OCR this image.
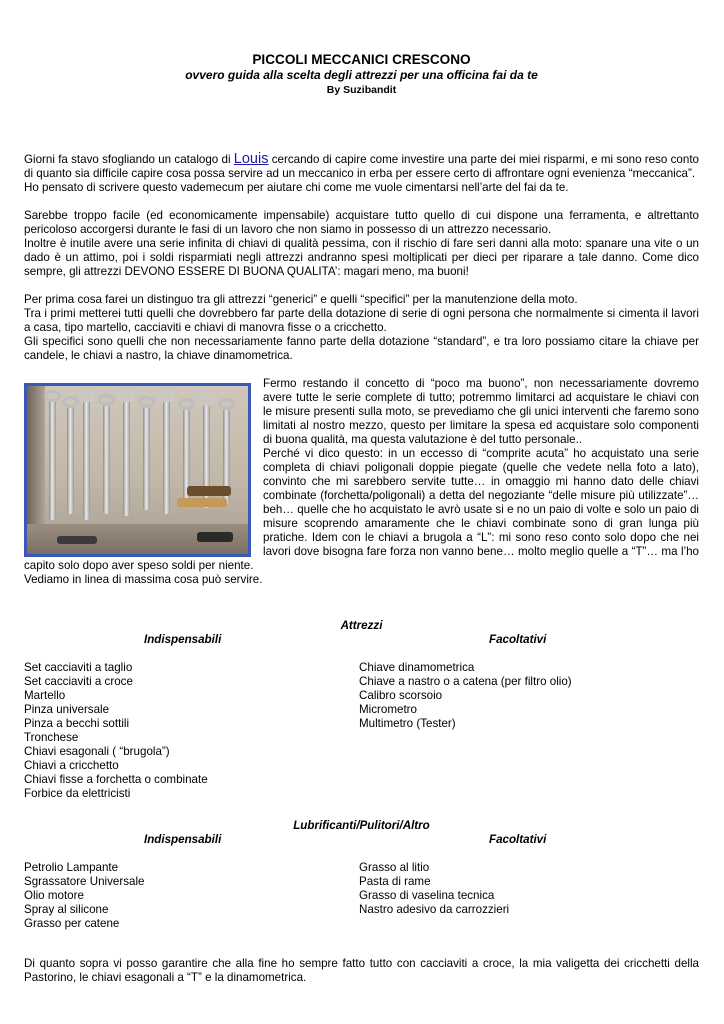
PICCOLI MECCANICI CRESCONO
ovvero guida alla scelta degli attrezzi per una officina fai da te
By Suzibandit

Giorni fa stavo sfogliando un catalogo di Louis cercando di capire come investire una parte dei miei risparmi, e mi sono reso conto di quanto sia difficile capire cosa possa servire ad un meccanico in erba per essere certo di affrontare ogni evenienza “meccanica”.
Ho pensato di scrivere questo vademecum per aiutare chi come me vuole cimentarsi nell’arte del fai da te.

Sarebbe troppo facile (ed economicamente impensabile) acquistare tutto quello di cui dispone una ferramenta, e altrettanto pericoloso accorgersi durante le fasi di un lavoro che non siamo in possesso di un attrezzo necessario.
Inoltre è inutile avere una serie infinita di chiavi di qualità pessima, con il rischio di fare seri danni alla moto: spanare una vite o un dado è un attimo, poi i soldi risparmiati negli attrezzi andranno spesi moltiplicati per dieci per riparare a tale danno. Come dico sempre, gli attrezzi DEVONO ESSERE DI BUONA QUALITA’: magari meno, ma buoni!

Per prima cosa farei un distinguo tra gli attrezzi “generici” e quelli “specifici” per la manutenzione della moto.
Tra i primi metterei tutti quelli che dovrebbero far parte della dotazione di serie di ogni persona che normalmente si cimenta il lavori a casa, tipo martello, cacciaviti e chiavi di manovra fisse o a cricchetto.
Gli specifici sono quelli che non necessariamente fanno parte della dotazione “standard”, e tra loro possiamo citare la chiave per candele, le chiavi a nastro, la chiave dinamometrica.

Fermo restando il concetto di “poco ma buono”, non necessariamente dovremo avere tutte le serie complete di tutto; potremmo limitarci ad acquistare le chiavi con le misure presenti sulla moto, se prevediamo che gli unici interventi che faremo sono limitati al nostro mezzo, questo per limitare la spesa ed acquistare solo componenti di buona qualità, ma questa valutazione è del tutto personale..
Perché vi dico questo: in un eccesso di “comprite acuta” ho acquistato una serie completa di chiavi poligonali doppie piegate (quelle che vedete nella foto a lato), convinto che mi sarebbero servite tutte… in omaggio mi hanno dato delle chiavi combinate (forchetta/poligonali) a detta del negoziante “delle misure più utilizzate”… beh… quelle che ho acquistato le avrò usate si e no un paio di volte e solo un paio di misure scoprendo amaramente che le chiavi combinate sono di gran lunga più pratiche. Idem con le chiavi a brugola a “L”: mi sono reso conto solo dopo che nei lavori dove bisogna fare forza non vanno bene… molto meglio quelle a “T”… ma l’ho capito solo dopo aver speso soldi per niente.
Vediamo in linea di massima cosa può servire.

Attrezzi
Indispensabili
Set cacciaviti a taglio
Set cacciaviti a croce
Martello
Pinza universale
Pinza a becchi sottili
Tronchese
Chiavi esagonali ( “brugola”)
Chiavi a cricchetto
Chiavi fisse a forchetta o combinate
Forbice da elettricisti
Facoltativi
Chiave dinamometrica
Chiave a nastro o a catena (per filtro olio)
Calibro scorsoio
Micrometro
Multimetro (Tester)
Lubrificanti/Pulitori/Altro
Indispensabili
Petrolio Lampante
Sgrassatore Universale
Olio motore
Spray al silicone
Grasso per catene
Facoltativi
Grasso al litio
Pasta di rame
Grasso di vaselina tecnica
Nastro adesivo da carrozzieri

Di quanto sopra vi posso garantire che alla fine ho sempre fatto tutto con cacciaviti a croce, la mia valigetta dei cricchetti della Pastorino, le chiavi esagonali a “T” e la dinamometrica.
